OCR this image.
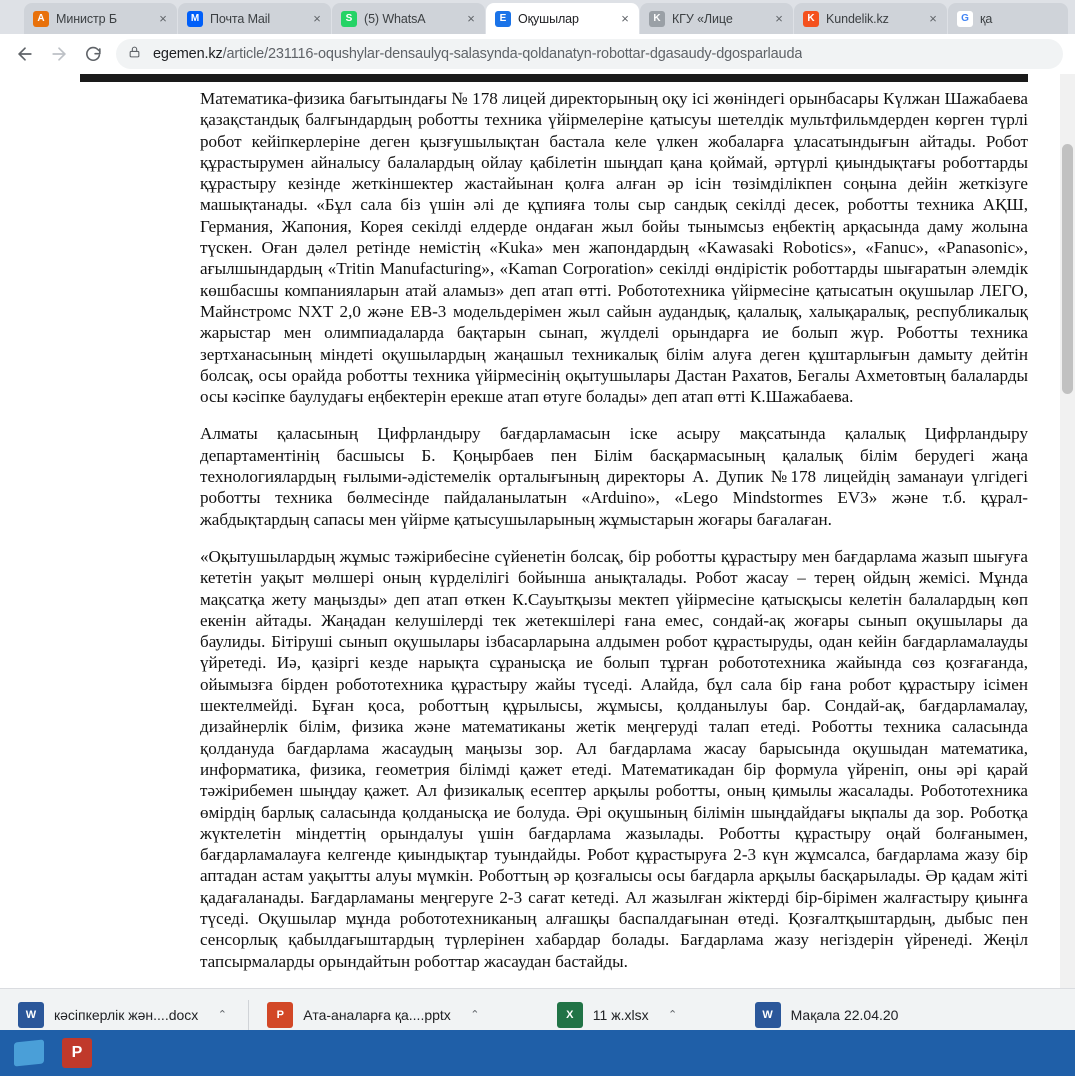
A Министр Б	×	M Почта Mail	×	S (5) WhatsA	×	E Оқушылар	×	K КГУ «Лице	×	K Kundelik.kz	×	G қа
egemen.kz/article/231116-oqushylar-densaulyq-salasynda-qoldanatyn-robottar-dgasaudy-dgosparlauda

Математика-физика бағытындағы № 178 лицей директорының оқу ісі жөніндегі орынбасары Күлжан Шажабаева қазақстандық балғындардың роботты техника үйірмелеріне қатысуы шетелдік мультфильмдерден көрген түрлі робот кейіпкерлеріне деген қызғушылықтан бастала келе үлкен жобаларға ұласатындығын айтады. Робот құрастырумен айналысу балалардың ойлау қабілетін шыңдап қана қоймай, әртүрлі қиындықтағы роботтарды құрастыру кезінде жеткіншектер жастайынан қолға алған әр ісін төзімділікпен соңына дейін жеткізуге машықтанады. «Бұл сала біз үшін әлі де құпияға толы сыр сандық секілді десек, роботты техника АҚШ, Германия, Жапония, Корея секілді елдерде ондаған жыл бойы тынымсыз еңбектің арқасында даму жолына түскен. Оған дәлел ретінде немістің «Kuka» мен жапондардың «Kawasaki Robotics», «Fanuc», «Panasonic», ағылшындардың «Tritin Manufacturing», «Kaman Corporation» секілді өндірістік роботтарды шығаратын әлемдік көшбасшы компанияларын атай аламыз» деп атап өтті. Робототехника үйірмесіне қатысатын оқушылар ЛЕГО, Майнстромс NXT 2,0 және EB-3 модельдерімен жыл сайын аудандық, қалалық, халықаралық, республикалық жарыстар мен олимпиадаларда бақтарын сынап, жүлделі орындарға ие болып жүр. Роботты техника зертханасының міндеті оқушылардың жаңашыл техникалық білім алуға деген құштарлығын дамыту дейтін болсақ, осы орайда роботты техника үйірмесінің оқытушылары Дастан Рахатов, Бегалы Ахметовтың балаларды осы кәсіпке баулудағы еңбектерін ерекше атап өтуге болады» деп атап өтті К.Шажабаева.

Алматы қаласының Цифрландыру бағдарламасын іске асыру мақсатында қалалық Цифрландыру департаментінің басшысы Б. Қоңырбаев пен Білім басқармасының қалалық білім берудегі жаңа технологиялардың ғылыми-әдістемелік орталығының директоры А. Дупик №178 лицейдің заманауи үлгідегі роботты техника бөлмесінде пайдаланылатын «Arduino», «Lego Mindstormes EV3» және т.б. құрал-жабдықтардың сапасы мен үйірме қатысушыларының жұмыстарын жоғары бағалаған.

«Оқытушылардың жұмыс тәжірибесіне сүйенетін болсақ, бір роботты құрастыру мен бағдарлама жазып шығуға кететін уақыт мөлшері оның күрделілігі бойынша анықталады. Робот жасау – терең ойдың жемісі. Мұнда мақсатқа жету маңызды» деп атап өткен К.Сауытқызы мектеп үйірмесіне қатысқысы келетін балалардың көп екенін айтады. Жаңадан келушілерді тек жетекшілері ғана емес, сондай-ақ жоғары сынып оқушылары да баулиды. Бітіруші сынып оқушылары ізбасарларына алдымен робот құрастыруды, одан кейін бағдарламалауды үйретеді. Иә, қазіргі кезде нарықта сұранысқа ие болып тұрған робототехника жайында сөз қозғағанда, ойымызға бірден робототехника құрастыру жайы түседі. Алайда, бұл сала бір ғана робот құрастыру ісімен шектелмейді. Бұған қоса, роботтың құрылысы, жұмысы, қолданылуы бар. Сондай-ақ, бағдарламалау, дизайнерлік білім, физика және математиканы жетік меңгеруді талап етеді. Роботты техника саласында қолдануда бағдарлама жасаудың маңызы зор. Ал бағдарлама жасау барысында оқушыдан математика, информатика, физика, геометрия білімді қажет етеді. Математикадан бір формула үйреніп, оны әрі қарай тәжірибемен шыңдау қажет. Ал физикалық есептер арқылы роботты, оның қимылы жасалады. Робототехника өмірдің барлық саласында қолданысқа ие болуда. Әрі оқушының білімін шыңдайдағы ықпалы да зор. Роботқа жүктелетін міндеттің орындалуы үшін бағдарлама жазылады. Роботты құрастыру оңай болғанымен, бағдарламалауға келгенде қиындықтар туындайды. Робот құрастыруға 2-3 күн жұмсалса, бағдарлама жазу бір аптадан астам уақытты алуы мүмкін. Роботтың әр қозғалысы осы бағдарла арқылы басқарылады. Әр қадам жіті қадағаланады. Бағдарламаны меңгеруге 2-3 сағат кетеді. Ал жазылған жіктерді бір-бірімен жалғастыру қиынға түседі. Оқушылар мұнда робототехниканың алғашқы баспалдағынан өтеді. Қозғалтқыштардың, дыбыс пен сенсорлық қабылдағыштардың түрлерінен хабардар болады. Бағдарлама жазу негіздерін үйренеді. Жеңіл тапсырмаларды орындайтын роботтар жасаудан бастайды.

W	кәсіпкерлік жән....docx	⌃	P	Ата-аналарға қа....pptx	⌃	X	11 ж.xlsx	⌃	W	Мақала 22.04.20
P
